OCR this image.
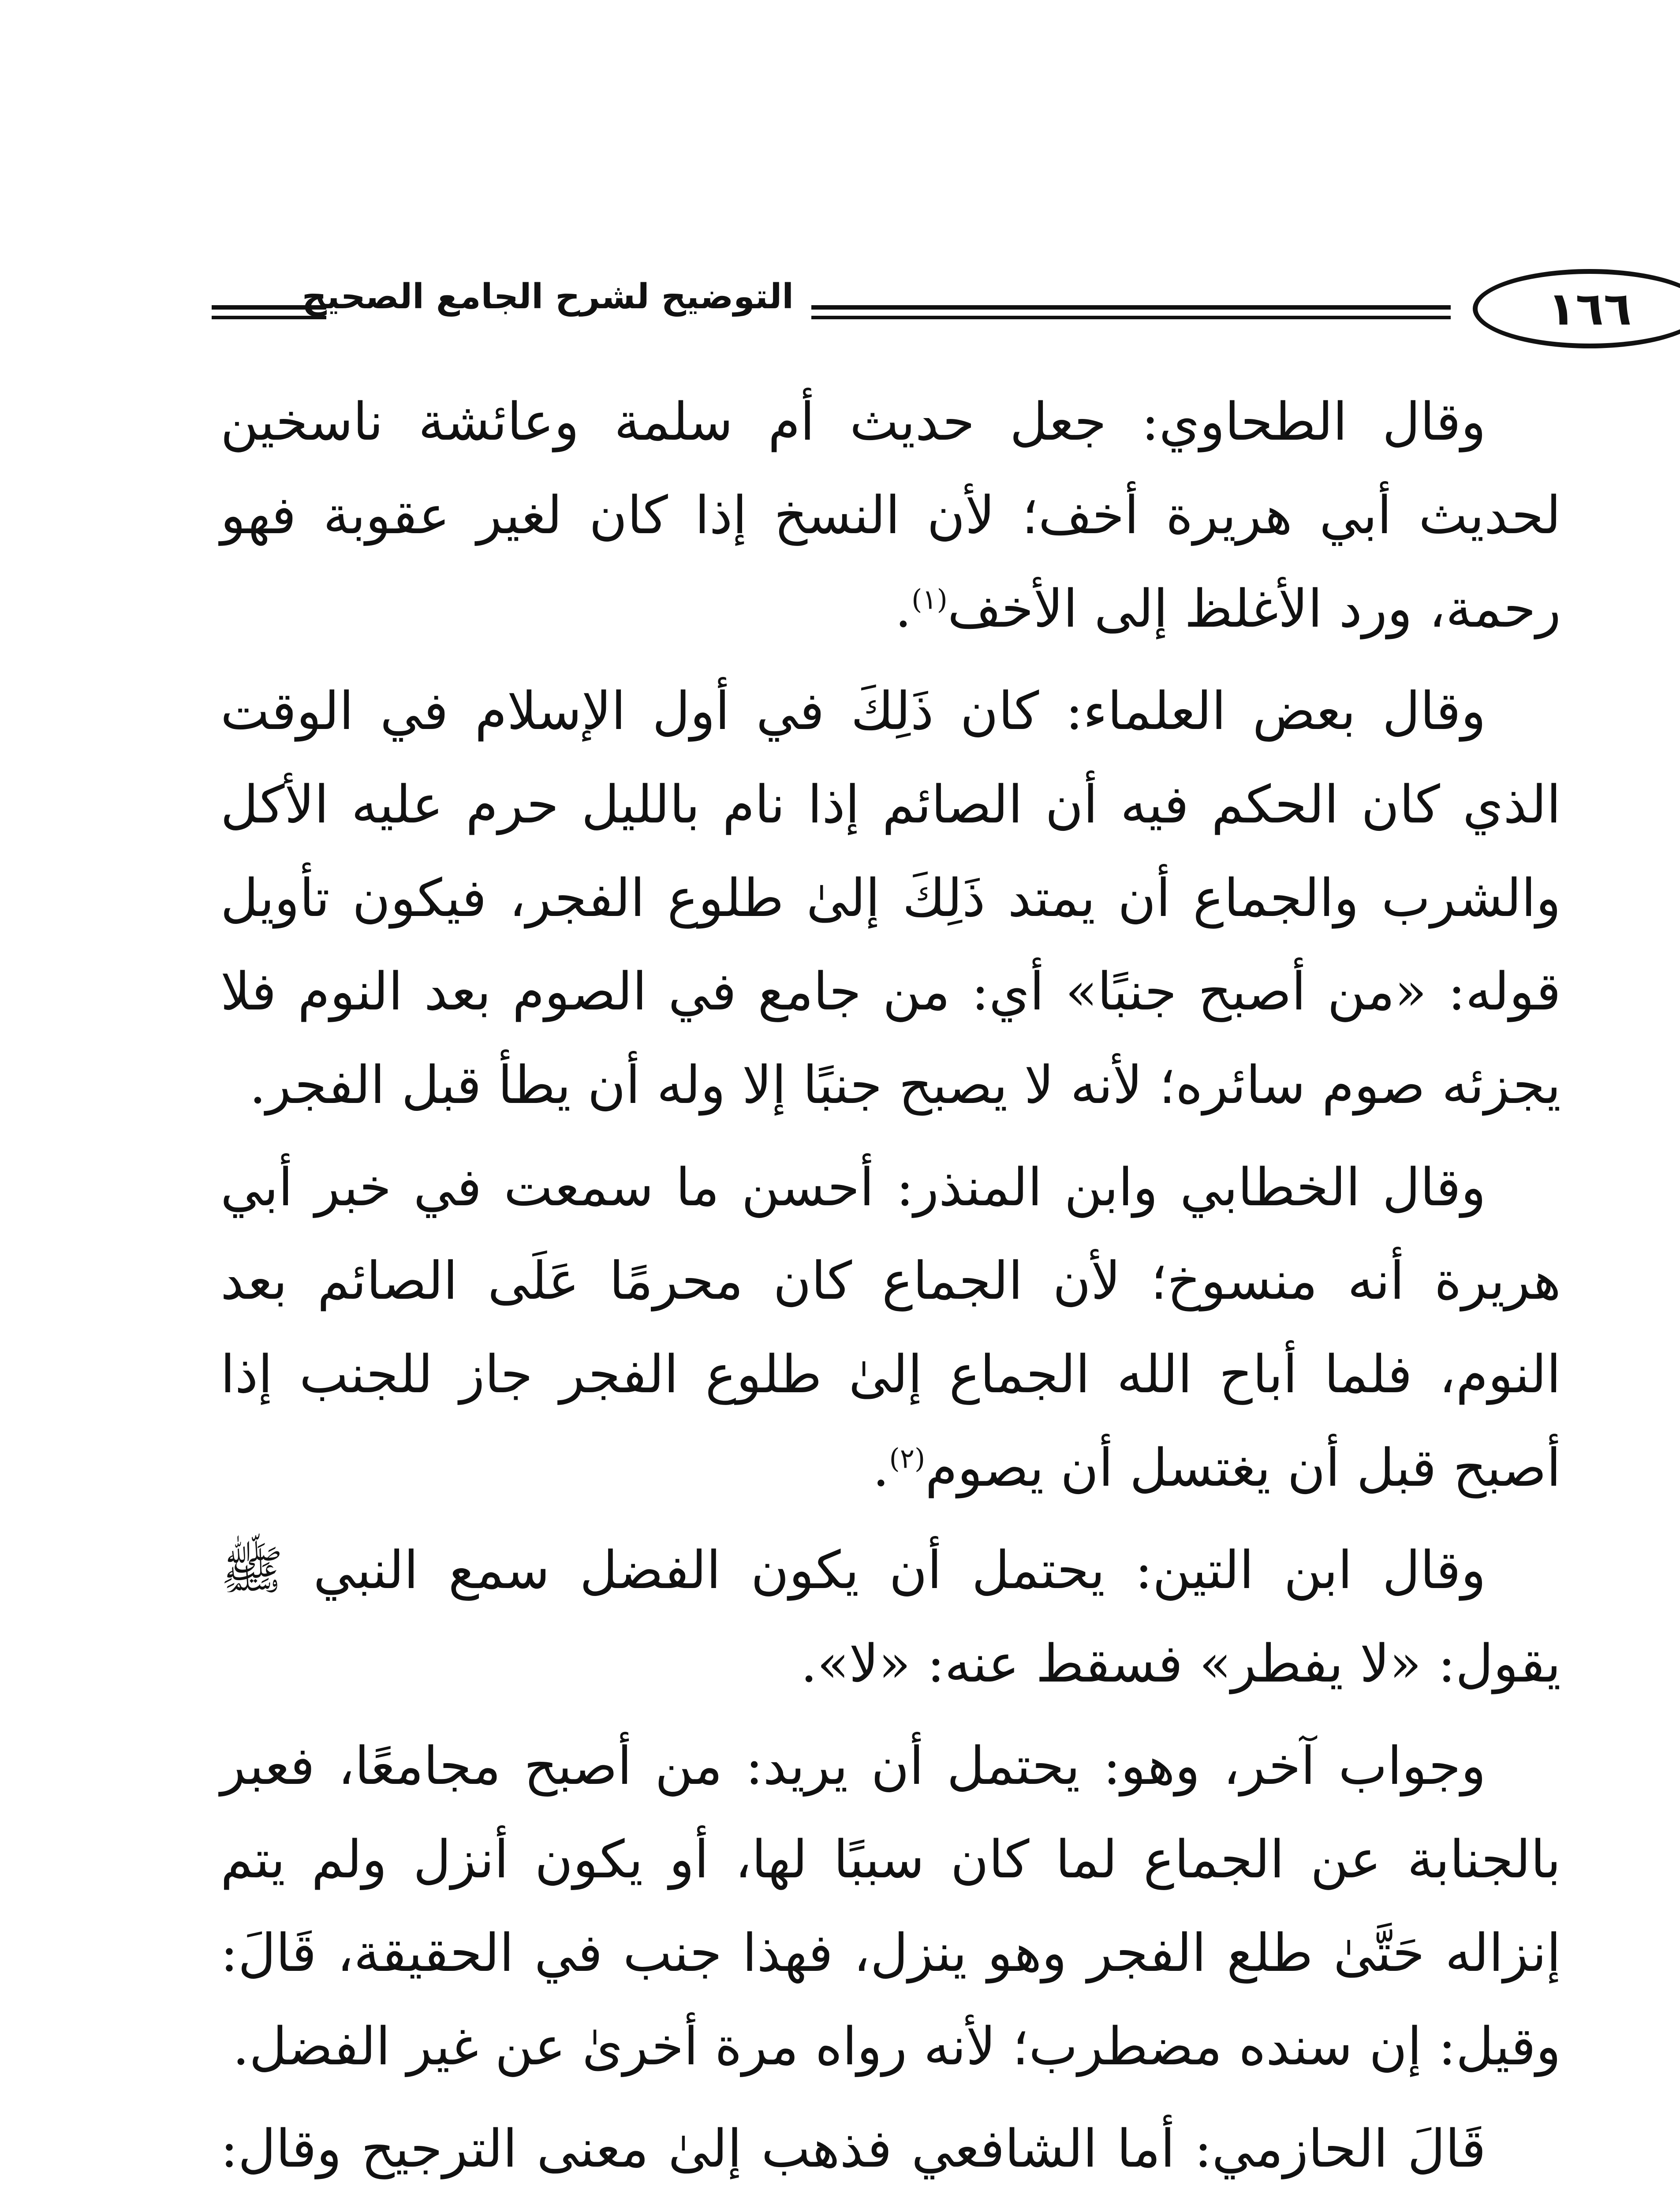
التوضيح لشرح الجامع الصحيح	١٦٦

وقال الطحاوي: جعل حديث أم سلمة وعائشة ناسخين لحديث أبي هريرة أخف؛ لأن النسخ إذا كان لغير عقوبة فهو رحمة، ورد الأغلظ إلى الأخف$^{(١)}$.

وقال بعض العلماء: كان ذَلِكَ في أول الإسلام في الوقت الذي كان الحكم فيه أن الصائم إذا نام بالليل حرم عليه الأكل والشرب والجماع أن يمتد ذَلِكَ إلىٰ طلوع الفجر، فيكون تأويل قوله: «من أصبح جنبًا» أي: من جامع في الصوم بعد النوم فلا يجزئه صوم سائره؛ لأنه لا يصبح جنبًا إلا وله أن يطأ قبل الفجر.

وقال الخطابي وابن المنذر: أحسن ما سمعت في خبر أبي هريرة أنه منسوخ؛ لأن الجماع كان محرمًا عَلَى الصائم بعد النوم، فلما أباح الله الجماع إلىٰ طلوع الفجر جاز للجنب إذا أصبح قبل أن يغتسل أن يصوم$^{(٢)}$.

وقال ابن التين: يحتمل أن يكون الفضل سمع النبي ﷺ يقول: «لا يفطر» فسقط عنه: «لا».

وجواب آخر، وهو: يحتمل أن يريد: من أصبح مجامعًا، فعبر بالجنابة عن الجماع لما كان سببًا لها، أو يكون أنزل ولم يتم إنزاله حَتَّىٰ طلع الفجر وهو ينزل، فهذا جنب في الحقيقة، قَالَ: وقيل: إن سنده مضطرب؛ لأنه رواه مرة أخرىٰ عن غير الفضل.

قَالَ الحازمي: أما الشافعي فذهب إلىٰ معنى الترجيح وقال:
